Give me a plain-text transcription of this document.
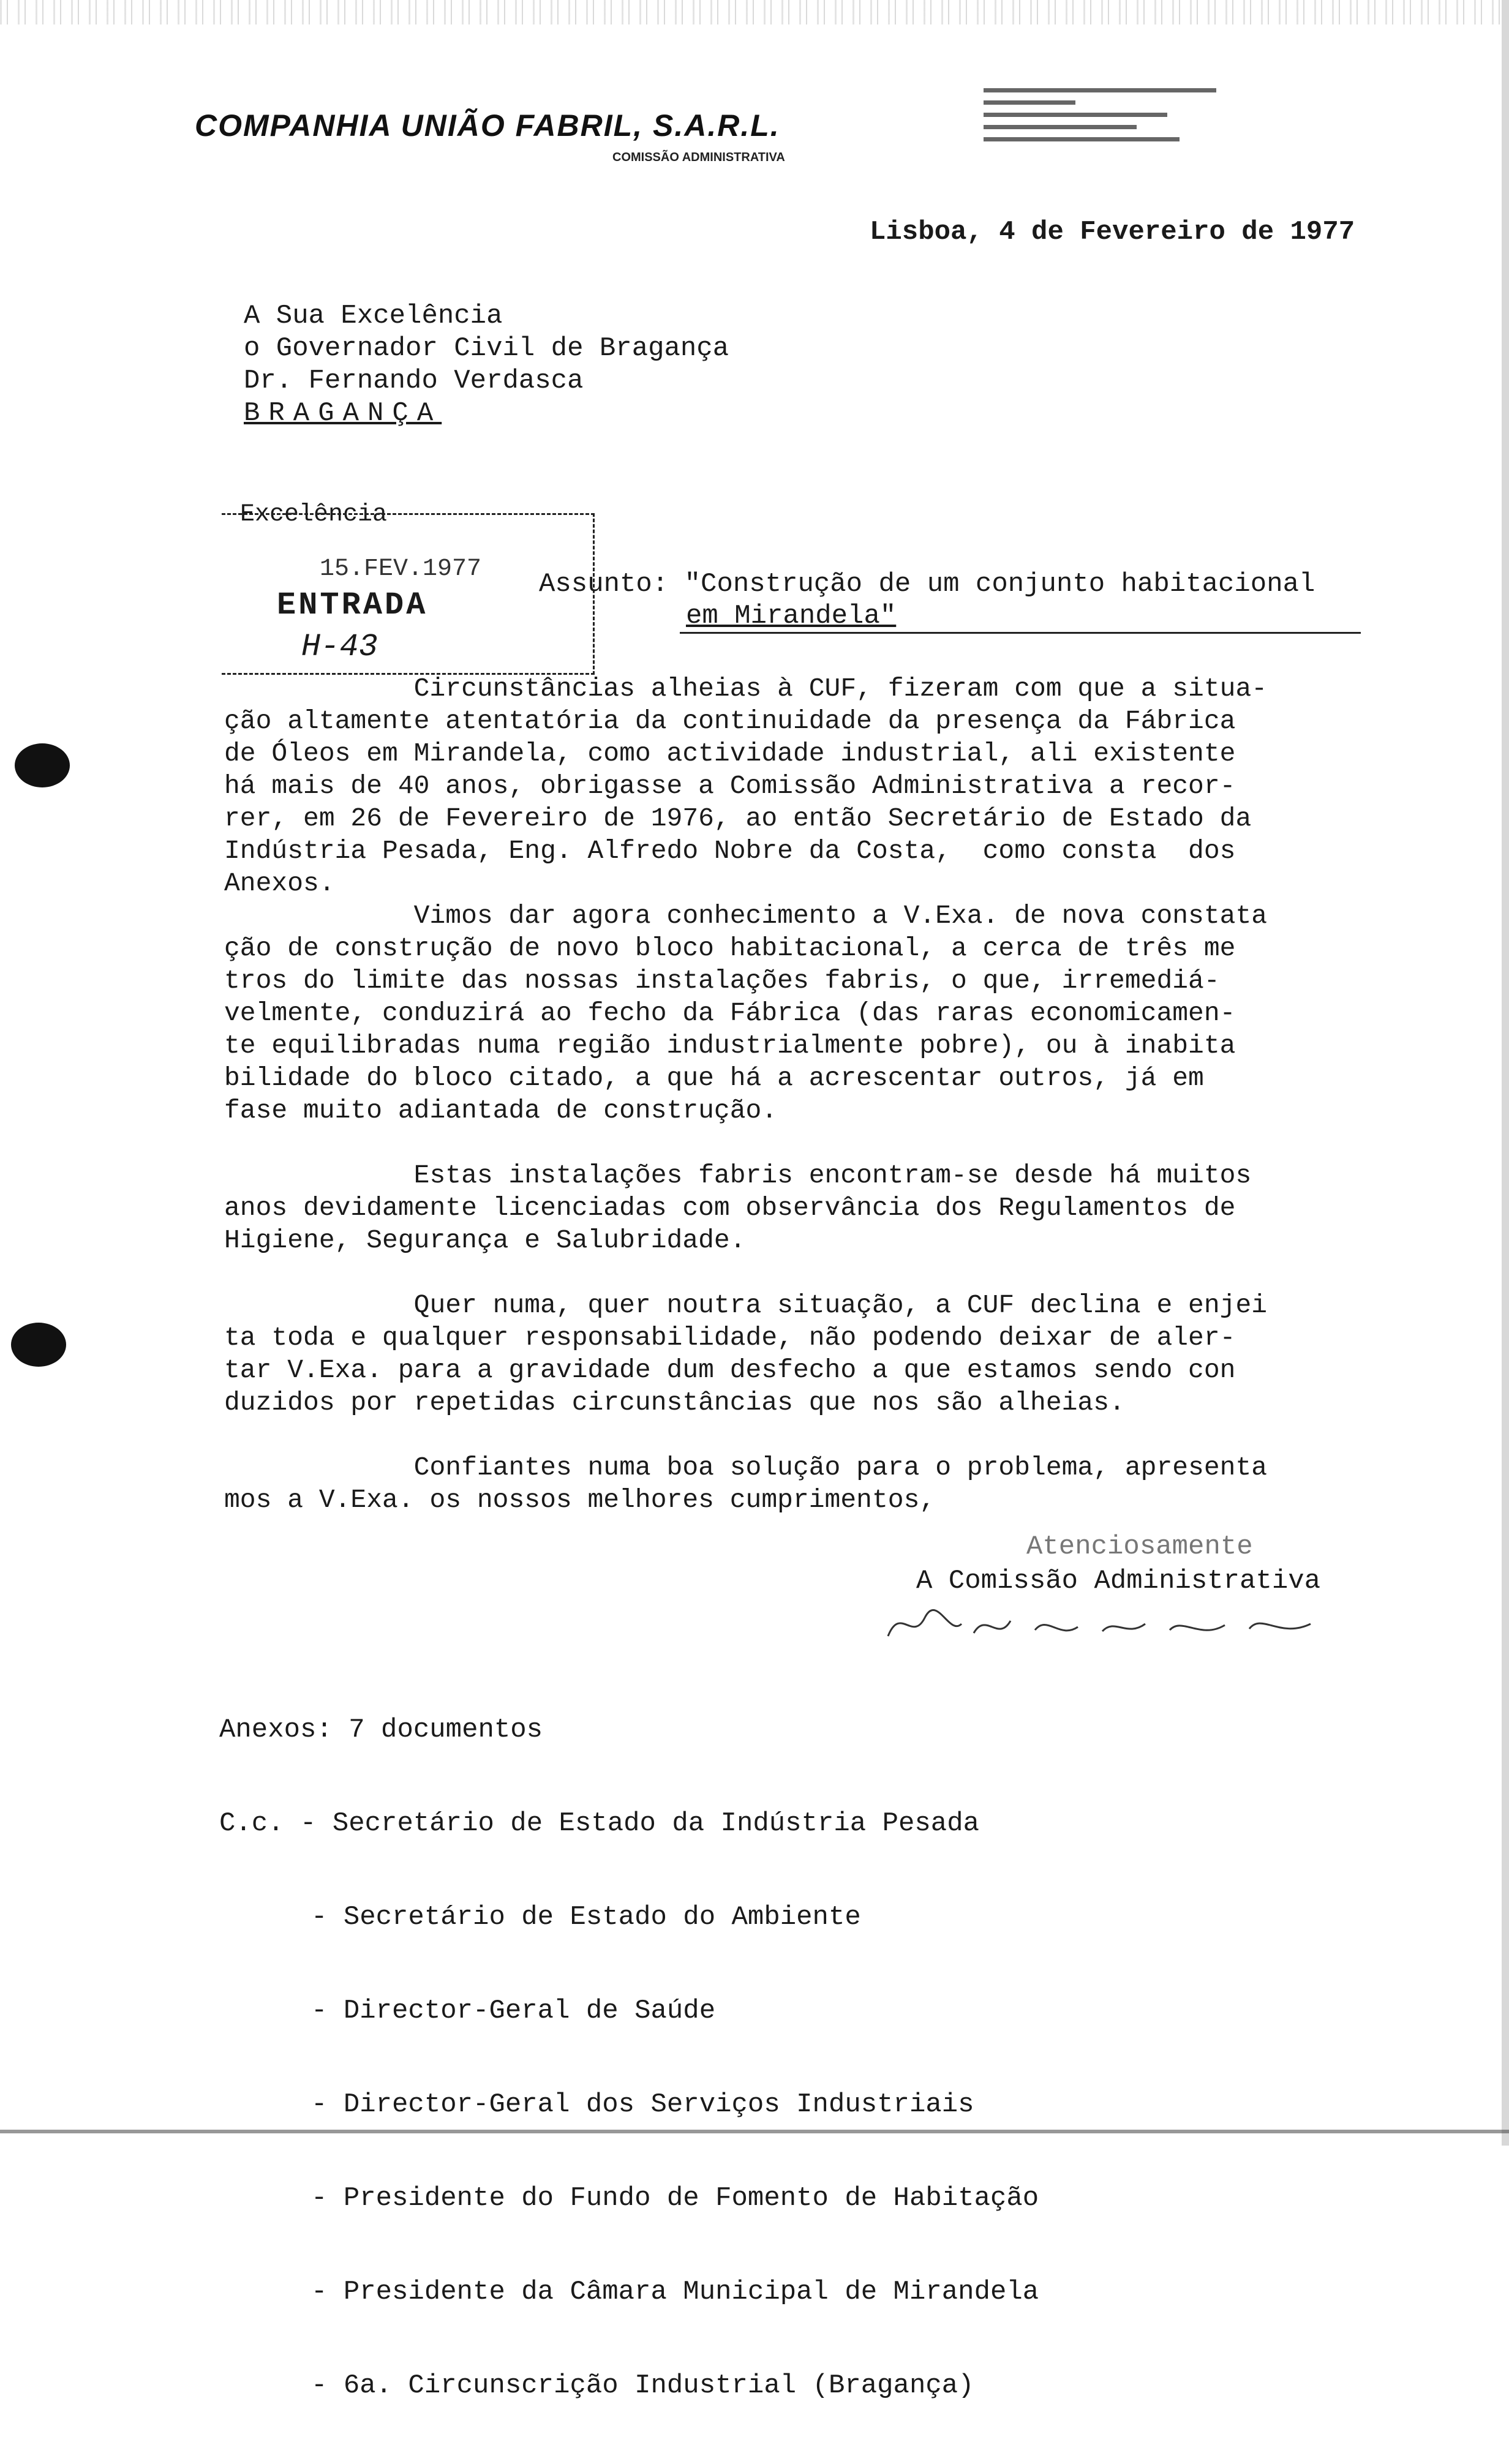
COMPANHIA UNIÃO FABRIL, S.A.R.L.
COMISSÃO ADMINISTRATIVA
Lisboa, 4 de Fevereiro de 1977
A Sua Excelência
o Governador Civil de Bragança
Dr. Fernando Verdasca
BRAGANÇA
Excelência
15.FEV.1977
ENTRADA
H-43
Assunto: "Construção de um conjunto habitacional
em Mirandela"

Circunstâncias alheias à CUF, fizeram com que a situa-

ção altamente atentatória da continuidade da presença da Fábrica

de Óleos em Mirandela, como actividade industrial, ali existente

há mais de 40 anos, obrigasse a Comissão Administrativa a recor-

rer, em 26 de Fevereiro de 1976, ao então Secretário de Estado da

Indústria Pesada, Eng. Alfredo Nobre da Costa,  como consta  dos

Anexos.

Vimos dar agora conhecimento a V.Exa. de nova constata

ção de construção de novo bloco habitacional, a cerca de três me

tros do limite das nossas instalações fabris, o que, irremediá-

velmente, conduzirá ao fecho da Fábrica (das raras economicamen-

te equilibradas numa região industrialmente pobre), ou à inabita

bilidade do bloco citado, a que há a acrescentar outros, já em

fase muito adiantada de construção.

Estas instalações fabris encontram-se desde há muitos

anos devidamente licenciadas com observância dos Regulamentos de

Higiene, Segurança e Salubridade.

Quer numa, quer noutra situação, a CUF declina e enjei

ta toda e qualquer responsabilidade, não podendo deixar de aler-

tar V.Exa. para a gravidade dum desfecho a que estamos sendo con

duzidos por repetidas circunstâncias que nos são alheias.

Confiantes numa boa solução para o problema, apresenta

mos a V.Exa. os nossos melhores cumprimentos,

Atenciosamente
A Comissão Administrativa

Anexos: 7 documentos

C.c. - Secretário de Estado da Indústria Pesada

- Secretário de Estado do Ambiente

- Director-Geral de Saúde

- Director-Geral dos Serviços Industriais

- Presidente do Fundo de Fomento de Habitação

- Presidente da Câmara Municipal de Mirandela

- 6a. Circunscrição Industrial (Bragança)
